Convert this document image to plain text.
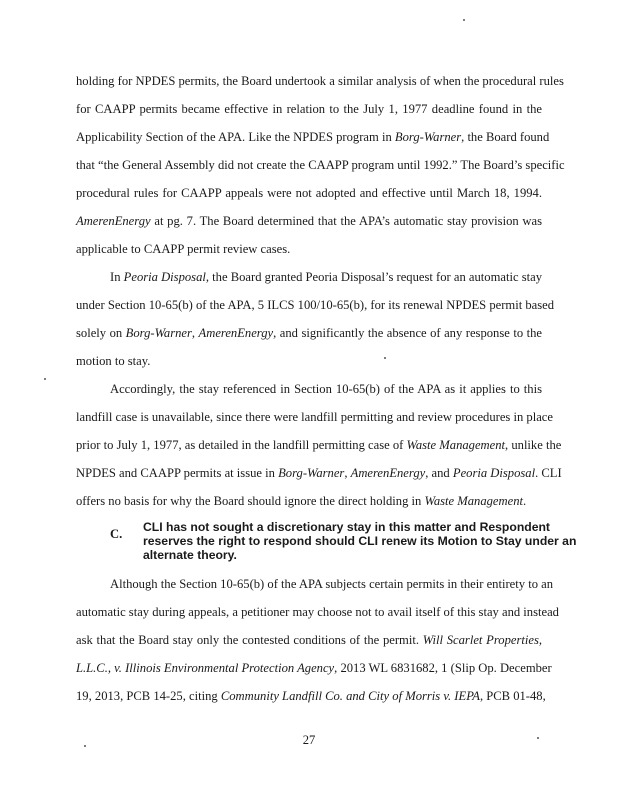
holding for NPDES permits, the Board undertook a similar analysis of when the procedural rules
for CAAPP permits became effective in relation to the July 1, 1977 deadline found in the
Applicability Section of the APA. Like the NPDES program in Borg-Warner, the Board found
that “the General Assembly did not create the CAAPP program until 1992.” The Board’s specific
procedural rules for CAAPP appeals were not adopted and effective until March 18, 1994.
AmerenEnergy at pg. 7. The Board determined that the APA’s automatic stay provision was
applicable to CAAPP permit review cases.
In Peoria Disposal, the Board granted Peoria Disposal’s request for an automatic stay
under Section 10-65(b) of the APA, 5 ILCS 100/10-65(b), for its renewal NPDES permit based
solely on Borg-Warner, AmerenEnergy, and significantly the absence of any response to the
motion to stay.
Accordingly, the stay referenced in Section 10-65(b) of the APA as it applies to this
landfill case is unavailable, since there were landfill permitting and review procedures in place
prior to July 1, 1977, as detailed in the landfill permitting case of Waste Management, unlike the
NPDES and CAAPP permits at issue in Borg-Warner, AmerenEnergy, and Peoria Disposal. CLI
offers no basis for why the Board should ignore the direct holding in Waste Management.
C. CLI has not sought a discretionary stay in this matter and Respondent
reserves the right to respond should CLI renew its Motion to Stay under an
alternate theory.
Although the Section 10-65(b) of the APA subjects certain permits in their entirety to an
automatic stay during appeals, a petitioner may choose not to avail itself of this stay and instead
ask that the Board stay only the contested conditions of the permit. Will Scarlet Properties,
L.L.C., v. Illinois Environmental Protection Agency, 2013 WL 6831682, 1 (Slip Op. December
19, 2013, PCB 14-25, citing Community Landfill Co. and City of Morris v. IEPA, PCB 01-48,
27
